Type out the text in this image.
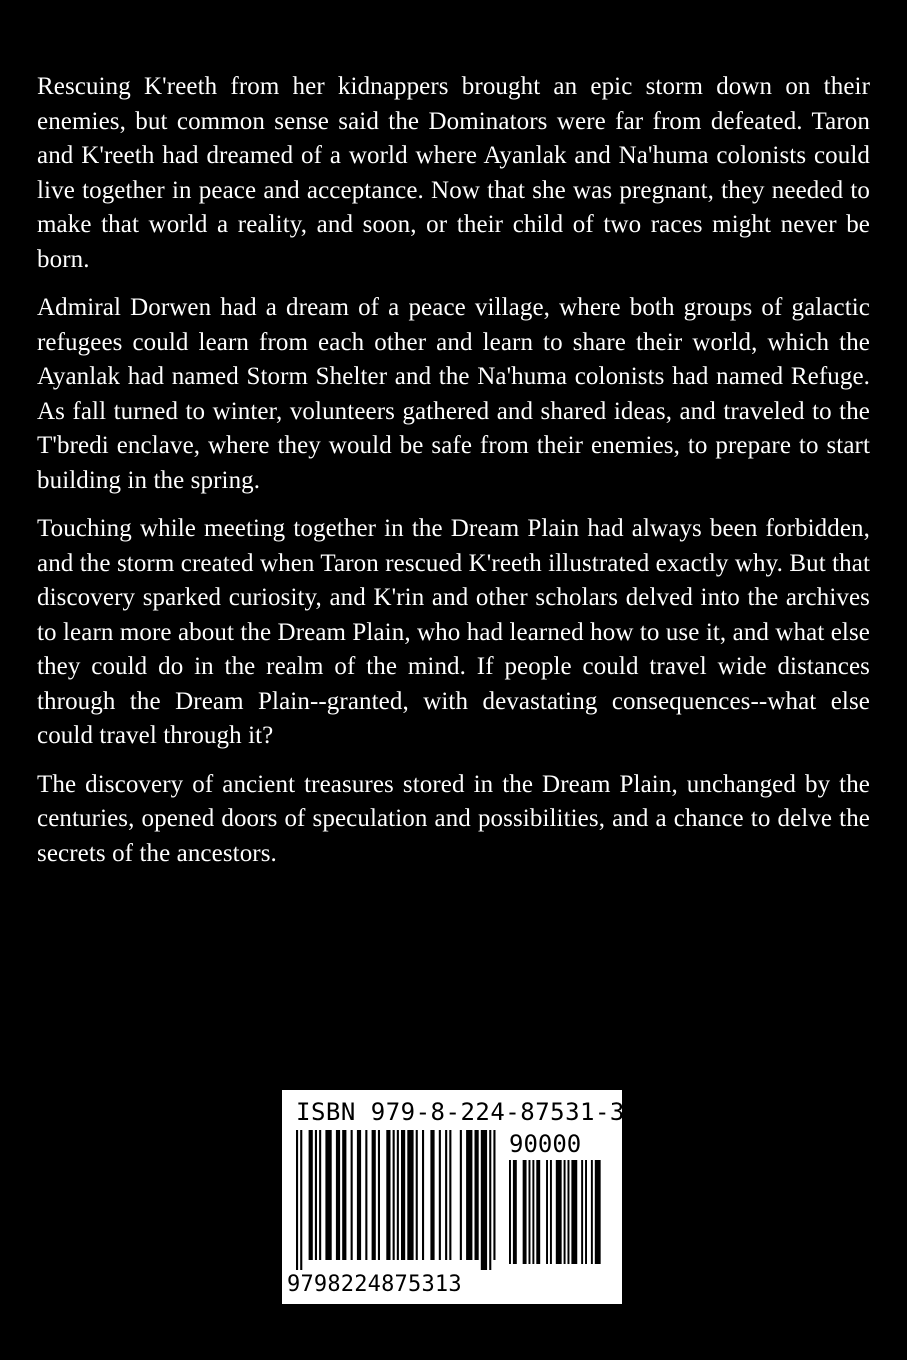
Rescuing K'reeth from her kidnappers brought an epic storm down on their enemies, but common sense said the Dominators were far from defeated. Taron and K'reeth had dreamed of a world where Ayanlak and Na'huma colonists could live together in peace and acceptance. Now that she was pregnant, they needed to make that world a reality, and soon, or their child of two races might never be born.

Admiral Dorwen had a dream of a peace village, where both groups of galactic refugees could learn from each other and learn to share their world, which the Ayanlak had named Storm Shelter and the Na'huma colonists had named Refuge. As fall turned to winter, volunteers gathered and shared ideas, and traveled to the T'bredi enclave, where they would be safe from their enemies, to prepare to start building in the spring.

Touching while meeting together in the Dream Plain had always been forbidden, and the storm created when Taron rescued K'reeth illustrated exactly why. But that discovery sparked curiosity, and K'rin and other scholars delved into the archives to learn more about the Dream Plain, who had learned how to use it, and what else they could do in the realm of the mind. If people could travel wide distances through the Dream Plain--granted, with devastating consequences--what else could travel through it?

The discovery of ancient treasures stored in the Dream Plain, unchanged by the centuries, opened doors of speculation and possibilities, and a chance to delve the secrets of the ancestors.

ISBN 979-8-224-87531-3
90000
9798224875313
